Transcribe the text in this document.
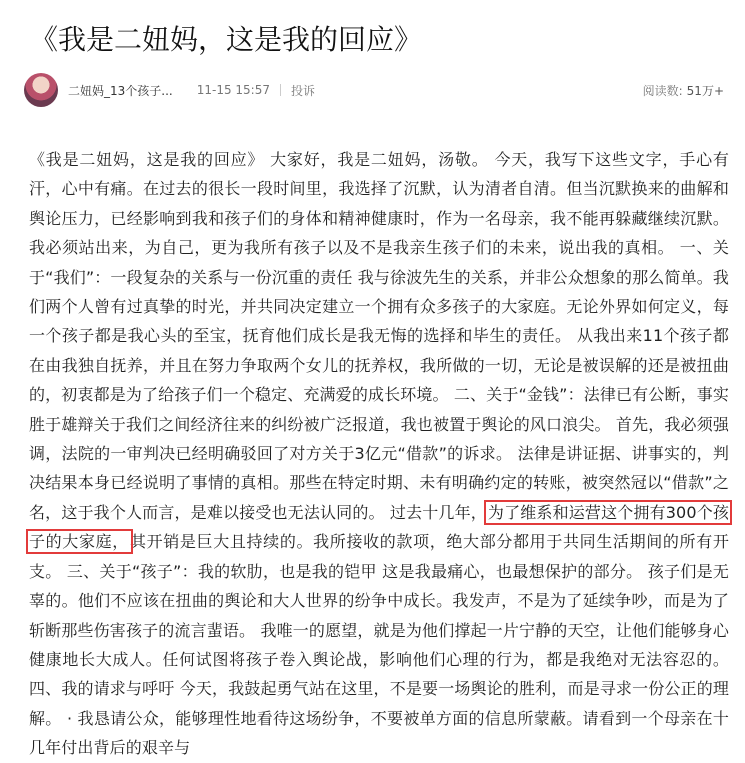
《我是二妞妈，这是我的回应》
二妞妈_13个孩子... 11-15 15:57 投诉	阅读数: 51万+

《我是二妞妈，这是我的回应》 大家好，我是二妞妈，汤敬。 今天，我写下这些文字，手心有汗，心中有痛。在过去的很长一段时间里，我选择了沉默，认为清者自清。但当沉默换来的曲解和舆论压力，已经影响到我和孩子们的身体和精神健康时，作为一名母亲，我不能再躲藏继续沉默。我必须站出来，为自己，更为我所有孩子以及不是我亲生孩子们的未来，说出我的真相。 一、关于“我们”：一段复杂的关系与一份沉重的责任 我与徐波先生的关系，并非公众想象的那么简单。我们两个人曾有过真挚的时光，并共同决定建立一个拥有众多孩子的大家庭。无论外界如何定义，每一个孩子都是我心头的至宝，抚育他们成长是我无悔的选择和毕生的责任。 从我出来11个孩子都在由我独自抚养，并且在努力争取两个女儿的抚养权，我所做的一切，无论是被误解的还是被扭曲的，初衷都是为了给孩子们一个稳定、充满爱的成长环境。 二、关于“金钱”：法律已有公断，事实胜于雄辩关于我们之间经济往来的纠纷被广泛报道，我也被置于舆论的风口浪尖。 首先，我必须强调，法院的一审判决已经明确驳回了对方关于3亿元“借款”的诉求。 法律是讲证据、讲事实的，判决结果本身已经说明了事情的真相。那些在特定时期、未有明确约定的转账，被突然冠以“借款”之名，这于我个人而言，是难以接受也无法认同的。 过去十几年，为了维系和运营这个拥有300个孩子的大家庭，其开销是巨大且持续的。我所接收的款项，绝大部分都用于共同生活期间的所有开支。 三、关于“孩子”：我的软肋，也是我的铠甲 这是我最痛心，也最想保护的部分。 孩子们是无辜的。他们不应该在扭曲的舆论和大人世界的纷争中成长。我发声，不是为了延续争吵，而是为了斩断那些伤害孩子的流言蜚语。 我唯一的愿望，就是为他们撑起一片宁静的天空，让他们能够身心健康地长大成人。任何试图将孩子卷入舆论战，影响他们心理的行为，都是我绝对无法容忍的。 四、我的请求与呼吁 今天，我鼓起勇气站在这里，不是要一场舆论的胜利，而是寻求一份公正的理解。 · 我恳请公众，能够理性地看待这场纷争，不要被单方面的信息所蒙蔽。请看到一个母亲在十几年付出背后的艰辛与
